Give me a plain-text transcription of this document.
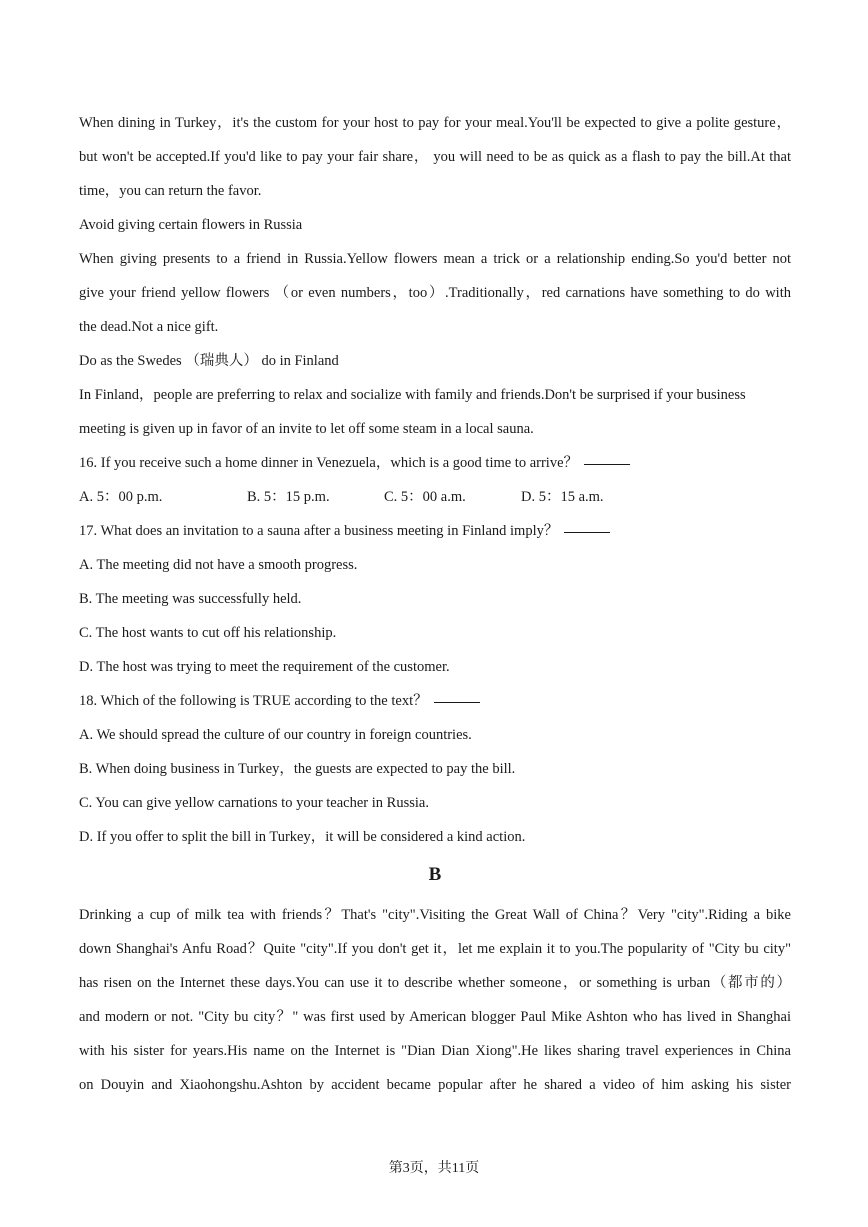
When dining in Turkey，it's the custom for your host to pay for your meal.You'll be expected to give a polite gesture，
but won't be accepted.If you'd like to pay your fair share， you will need to be as quick as a flash to pay the bill.At that
time，you can return the favor.
Avoid giving certain flowers in Russia
When giving presents to a friend in Russia.Yellow flowers mean a trick or a relationship ending.So you'd better not
give your friend yellow flowers （or even numbers，too）.Traditionally，red carnations have something to do with
the dead.Not a nice gift.
Do as the Swedes （瑞典人） do in Finland
In Finland，people are preferring to relax and socialize with family and friends.Don't be surprised if your business
meeting is given up in favor of an invite to let off some steam in a local sauna.
16. If you receive such a home dinner in Venezuela，which is a good time to arrive？
A. 5：00 p.m.	B. 5：15 p.m.	C. 5：00 a.m.	D. 5：15 a.m.
17. What does an invitation to a sauna after a business meeting in Finland imply？
A. The meeting did not have a smooth progress.
B. The meeting was successfully held.
C. The host wants to cut off his relationship.
D. The host was trying to meet the requirement of the customer.
18. Which of the following is TRUE according to the text？
A. We should spread the culture of our country in foreign countries.
B. When doing business in Turkey，the guests are expected to pay the bill.
C. You can give yellow carnations to your teacher in Russia.
D. If you offer to split the bill in Turkey，it will be considered a kind action.
B
Drinking a cup of milk tea with friends？That's "city".Visiting the Great Wall of China？Very "city".Riding a bike
down Shanghai's Anfu Road？Quite "city".If you don't get it，let me explain it to you.The popularity of "City bu city"
has risen on the Internet these days.You can use it to describe whether someone，or something is urban（都市的）
and modern or not. "City bu city？" was first used by American blogger Paul Mike Ashton who has lived in Shanghai
with his sister for years.His name on the Internet is "Dian Dian Xiong".He likes sharing travel experiences in China
on Douyin and Xiaohongshu.Ashton by accident became popular after he shared a video of him asking his sister
第3页，共11页
